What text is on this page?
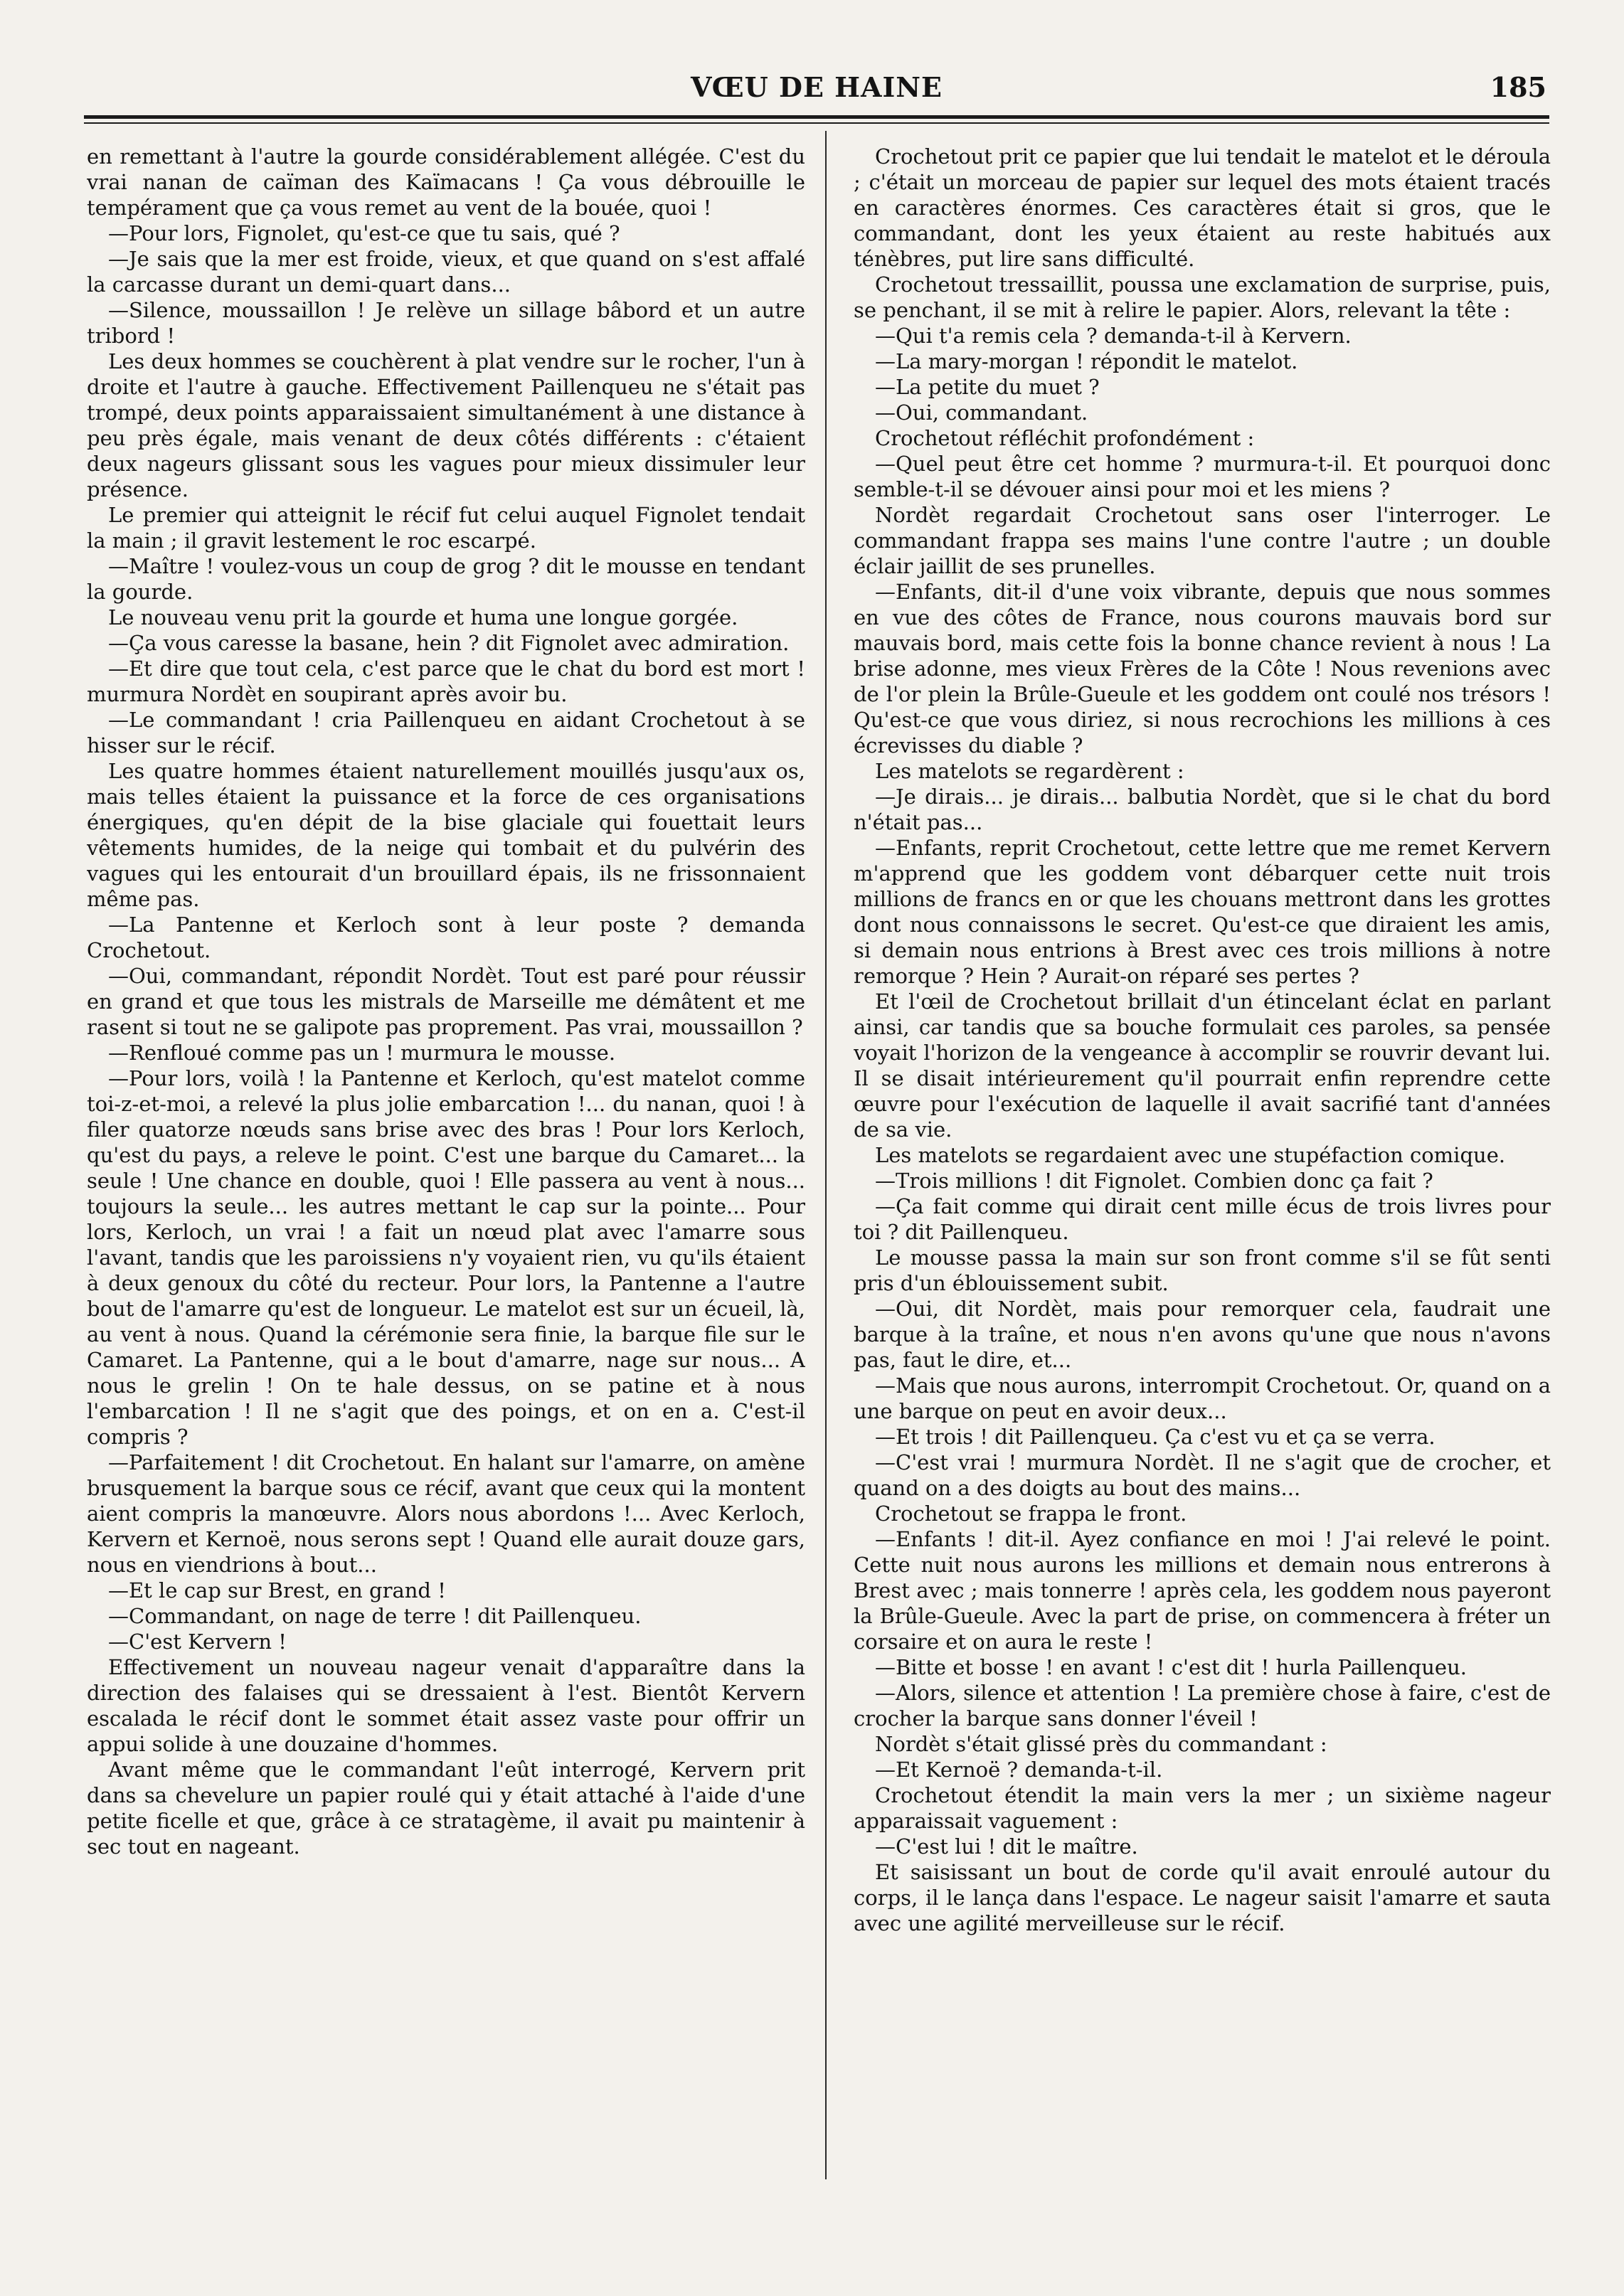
VŒU DE HAINE	185

en remettant à l'autre la gourde considérablement allégée. C'est du vrai nanan de caïman des Kaïmacans ! Ça vous débrouille le tempérament que ça vous remet au vent de la bouée, quoi !

—Pour lors, Fignolet, qu'est-ce que tu sais, qué ?

—Je sais que la mer est froide, vieux, et que quand on s'est affalé la carcasse durant un demi-quart dans...

—Silence, moussaillon ! Je relève un sillage bâbord et un autre tribord !

Les deux hommes se couchèrent à plat vendre sur le rocher, l'un à droite et l'autre à gauche. Effectivement Paillenqueu ne s'était pas trompé, deux points apparaissaient simultanément à une distance à peu près égale, mais venant de deux côtés différents : c'étaient deux nageurs glissant sous les vagues pour mieux dissimuler leur présence.

Le premier qui atteignit le récif fut celui auquel Fignolet tendait la main ; il gravit lestement le roc escarpé.

—Maître ! voulez-vous un coup de grog ? dit le mousse en tendant la gourde.

Le nouveau venu prit la gourde et huma une longue gorgée.

—Ça vous caresse la basane, hein ? dit Fignolet avec admiration.

—Et dire que tout cela, c'est parce que le chat du bord est mort ! murmura Nordèt en soupirant après avoir bu.

—Le commandant ! cria Paillenqueu en aidant Crochetout à se hisser sur le récif.

Les quatre hommes étaient naturellement mouillés jusqu'aux os, mais telles étaient la puissance et la force de ces organisations énergiques, qu'en dépit de la bise glaciale qui fouettait leurs vêtements humides, de la neige qui tombait et du pulvérin des vagues qui les entourait d'un brouillard épais, ils ne frissonnaient même pas.

—La Pantenne et Kerloch sont à leur poste ? demanda Crochetout.

—Oui, commandant, répondit Nordèt. Tout est paré pour réussir en grand et que tous les mistrals de Marseille me démâtent et me rasent si tout ne se galipote pas proprement. Pas vrai, moussaillon ?

—Renfloué comme pas un ! murmura le mousse.

—Pour lors, voilà ! la Pantenne et Kerloch, qu'est matelot comme toi-z-et-moi, a relevé la plus jolie embarcation !... du nanan, quoi ! à filer quatorze nœuds sans brise avec des bras ! Pour lors Kerloch, qu'est du pays, a releve le point. C'est une barque du Camaret... la seule ! Une chance en double, quoi ! Elle passera au vent à nous... toujours la seule... les autres mettant le cap sur la pointe... Pour lors, Kerloch, un vrai ! a fait un nœud plat avec l'amarre sous l'avant, tandis que les paroissiens n'y voyaient rien, vu qu'ils étaient à deux genoux du côté du recteur. Pour lors, la Pantenne a l'autre bout de l'amarre qu'est de longueur. Le matelot est sur un écueil, là, au vent à nous. Quand la cérémonie sera finie, la barque file sur le Camaret. La Pantenne, qui a le bout d'amarre, nage sur nous... A nous le grelin ! On te hale dessus, on se patine et à nous l'embarcation ! Il ne s'agit que des poings, et on en a. C'est-il compris ?

—Parfaitement ! dit Crochetout. En halant sur l'amarre, on amène brusquement la barque sous ce récif, avant que ceux qui la montent aient compris la manœuvre. Alors nous abordons !... Avec Kerloch, Kervern et Kernoë, nous serons sept ! Quand elle aurait douze gars, nous en viendrions à bout...

—Et le cap sur Brest, en grand !

—Commandant, on nage de terre ! dit Paillenqueu.

—C'est Kervern !

Effectivement un nouveau nageur venait d'apparaître dans la direction des falaises qui se dressaient à l'est. Bientôt Kervern escalada le récif dont le sommet était assez vaste pour offrir un appui solide à une douzaine d'hommes.

Avant même que le commandant l'eût interrogé, Kervern prit dans sa chevelure un papier roulé qui y était attaché à l'aide d'une petite ficelle et que, grâce à ce stratagème, il avait pu maintenir à sec tout en nageant.

Crochetout prit ce papier que lui tendait le matelot et le déroula ; c'était un morceau de papier sur lequel des mots étaient tracés en caractères énormes. Ces caractères était si gros, que le commandant, dont les yeux étaient au reste habitués aux ténèbres, put lire sans difficulté.

Crochetout tressaillit, poussa une exclamation de surprise, puis, se penchant, il se mit à relire le papier. Alors, relevant la tête :

—Qui t'a remis cela ? demanda-t-il à Kervern.

—La mary-morgan ! répondit le matelot.

—La petite du muet ?

—Oui, commandant.

Crochetout réfléchit profondément :

—Quel peut être cet homme ? murmura-t-il. Et pourquoi donc semble-t-il se dévouer ainsi pour moi et les miens ?

Nordèt regardait Crochetout sans oser l'interroger. Le commandant frappa ses mains l'une contre l'autre ; un double éclair jaillit de ses prunelles.

—Enfants, dit-il d'une voix vibrante, depuis que nous sommes en vue des côtes de France, nous courons mauvais bord sur mauvais bord, mais cette fois la bonne chance revient à nous ! La brise adonne, mes vieux Frères de la Côte ! Nous revenions avec de l'or plein la Brûle-Gueule et les goddem ont coulé nos trésors ! Qu'est-ce que vous diriez, si nous recrochions les millions à ces écrevisses du diable ?

Les matelots se regardèrent :

—Je dirais... je dirais... balbutia Nordèt, que si le chat du bord n'était pas...

—Enfants, reprit Crochetout, cette lettre que me remet Kervern m'apprend que les goddem vont débarquer cette nuit trois millions de francs en or que les chouans mettront dans les grottes dont nous connaissons le secret. Qu'est-ce que diraient les amis, si demain nous entrions à Brest avec ces trois millions à notre remorque ? Hein ? Aurait-on réparé ses pertes ?

Et l'œil de Crochetout brillait d'un étincelant éclat en parlant ainsi, car tandis que sa bouche formulait ces paroles, sa pensée voyait l'horizon de la vengeance à accomplir se rouvrir devant lui. Il se disait intérieurement qu'il pourrait enfin reprendre cette œuvre pour l'exécution de laquelle il avait sacrifié tant d'années de sa vie.

Les matelots se regardaient avec une stupéfaction comique.

—Trois millions ! dit Fignolet. Combien donc ça fait ?

—Ça fait comme qui dirait cent mille écus de trois livres pour toi ? dit Paillenqueu.

Le mousse passa la main sur son front comme s'il se fût senti pris d'un éblouissement subit.

—Oui, dit Nordèt, mais pour remorquer cela, faudrait une barque à la traîne, et nous n'en avons qu'une que nous n'avons pas, faut le dire, et...

—Mais que nous aurons, interrompit Crochetout. Or, quand on a une barque on peut en avoir deux...

—Et trois ! dit Paillenqueu. Ça c'est vu et ça se verra.

—C'est vrai ! murmura Nordèt. Il ne s'agit que de crocher, et quand on a des doigts au bout des mains...

Crochetout se frappa le front.

—Enfants ! dit-il. Ayez confiance en moi ! J'ai relevé le point. Cette nuit nous aurons les millions et demain nous entrerons à Brest avec ; mais tonnerre ! après cela, les goddem nous payeront la Brûle-Gueule. Avec la part de prise, on commencera à fréter un corsaire et on aura le reste !

—Bitte et bosse ! en avant ! c'est dit ! hurla Paillenqueu.

—Alors, silence et attention ! La première chose à faire, c'est de crocher la barque sans donner l'éveil !

Nordèt s'était glissé près du commandant :

—Et Kernoë ? demanda-t-il.

Crochetout étendit la main vers la mer ; un sixième nageur apparaissait vaguement :

—C'est lui ! dit le maître.

Et saisissant un bout de corde qu'il avait enroulé autour du corps, il le lança dans l'espace. Le nageur saisit l'amarre et sauta avec une agilité merveilleuse sur le récif.
